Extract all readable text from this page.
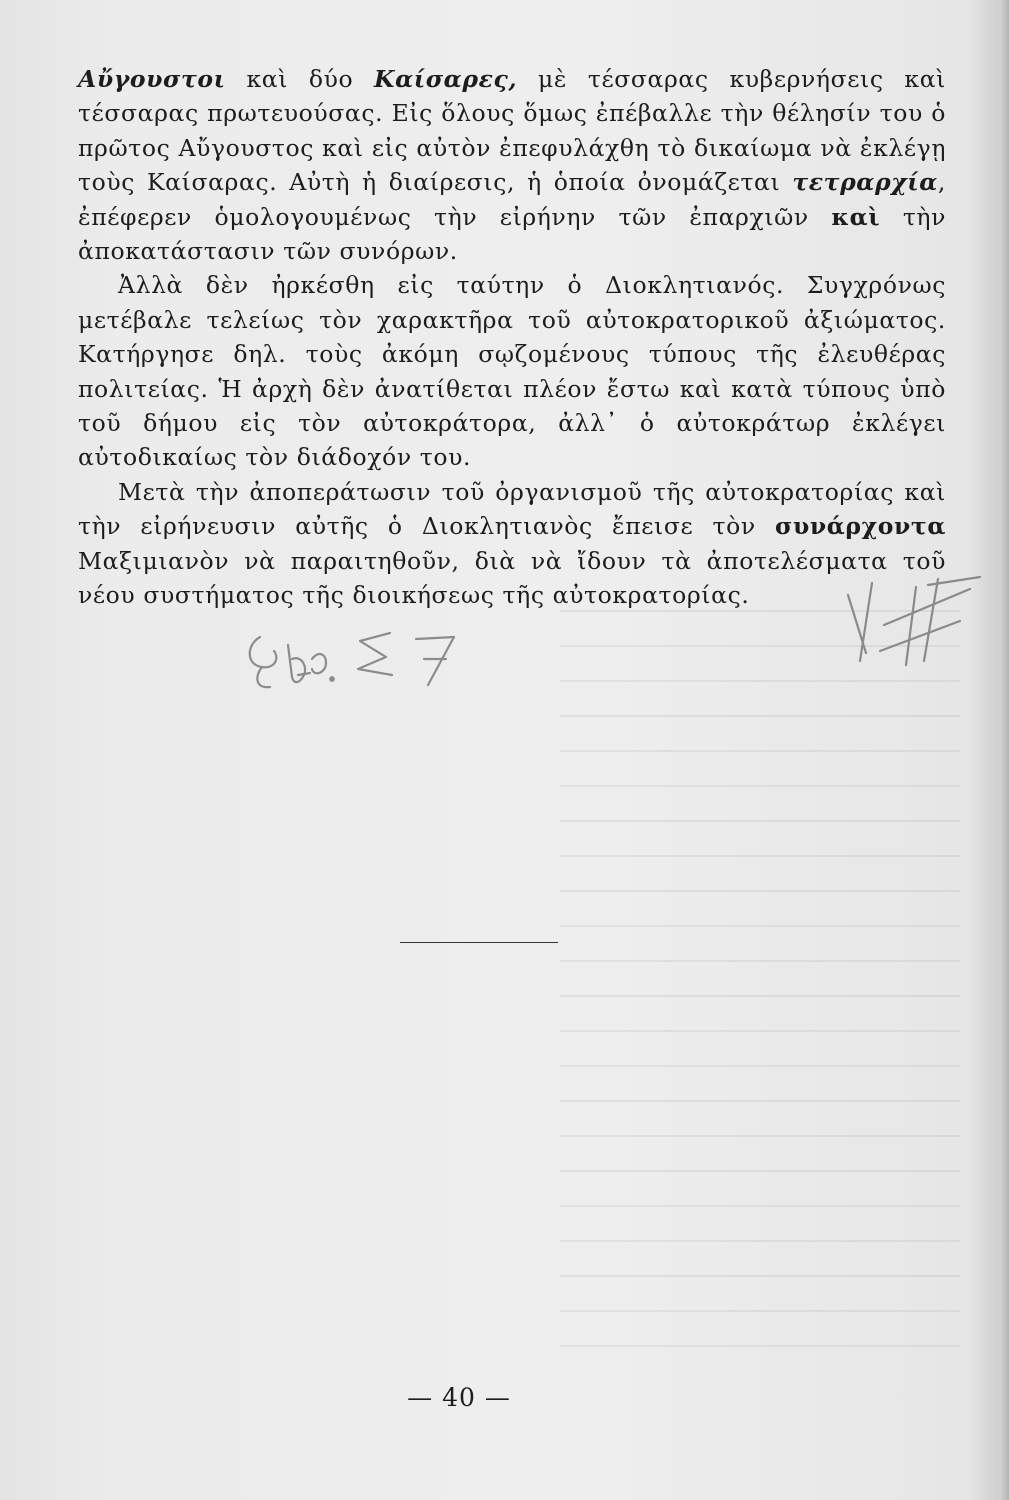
Αὔγουστοι καὶ δύο Καίσαρες, μὲ τέσσαρας κυβερνήσεις καὶ τέσσαρας πρωτευούσας. Εἰς ὅλους ὅμως ἐπέβαλλε τὴν θέλησίν του ὁ πρῶτος Αὔγουστος καὶ εἰς αὐτὸν ἐπεφυλάχθη τὸ δικαίωμα νὰ ἐκλέγῃ τοὺς Καίσαρας. Αὐτὴ ἡ διαίρεσις, ἡ ὁποία ὀνομάζεται τετραρχία, ἐπέφερεν ὁμολογουμένως τὴν εἰρήνην τῶν ἐπαρχιῶν καὶ τὴν ἀποκατάστασιν τῶν συνόρων.

Ἀλλὰ δὲν ἠρκέσθη εἰς ταύτην ὁ Διοκλητιανός. Συγχρόνως μετέβαλε τελείως τὸν χαρακτῆρα τοῦ αὐτοκρατορικοῦ ἀξιώματος. Κατήργησε δηλ. τοὺς ἀκόμη σῳζομένους τύπους τῆς ἐλευθέρας πολιτείας. Ἡ ἀρχὴ δὲν ἀνατίθεται πλέον ἔστω καὶ κατὰ τύπους ὑπὸ τοῦ δήμου εἰς τὸν αὐτοκράτορα, ἀλλ᾽ ὁ αὐτοκράτωρ ἐκλέγει αὐτοδικαίως τὸν διάδοχόν του.

Μετὰ τὴν ἀποπεράτωσιν τοῦ ὀργανισμοῦ τῆς αὐτοκρατορίας καὶ τὴν εἰρήνευσιν αὐτῆς ὁ Διοκλητιανὸς ἔπεισε τὸν συνάρχοντα Μαξιμιανὸν νὰ παραιτηθοῦν, διὰ νὰ ἴδουν τὰ ἀποτελέσματα τοῦ νέου συστήματος τῆς διοικήσεως τῆς αὐτοκρατορίας.

— 40 —
